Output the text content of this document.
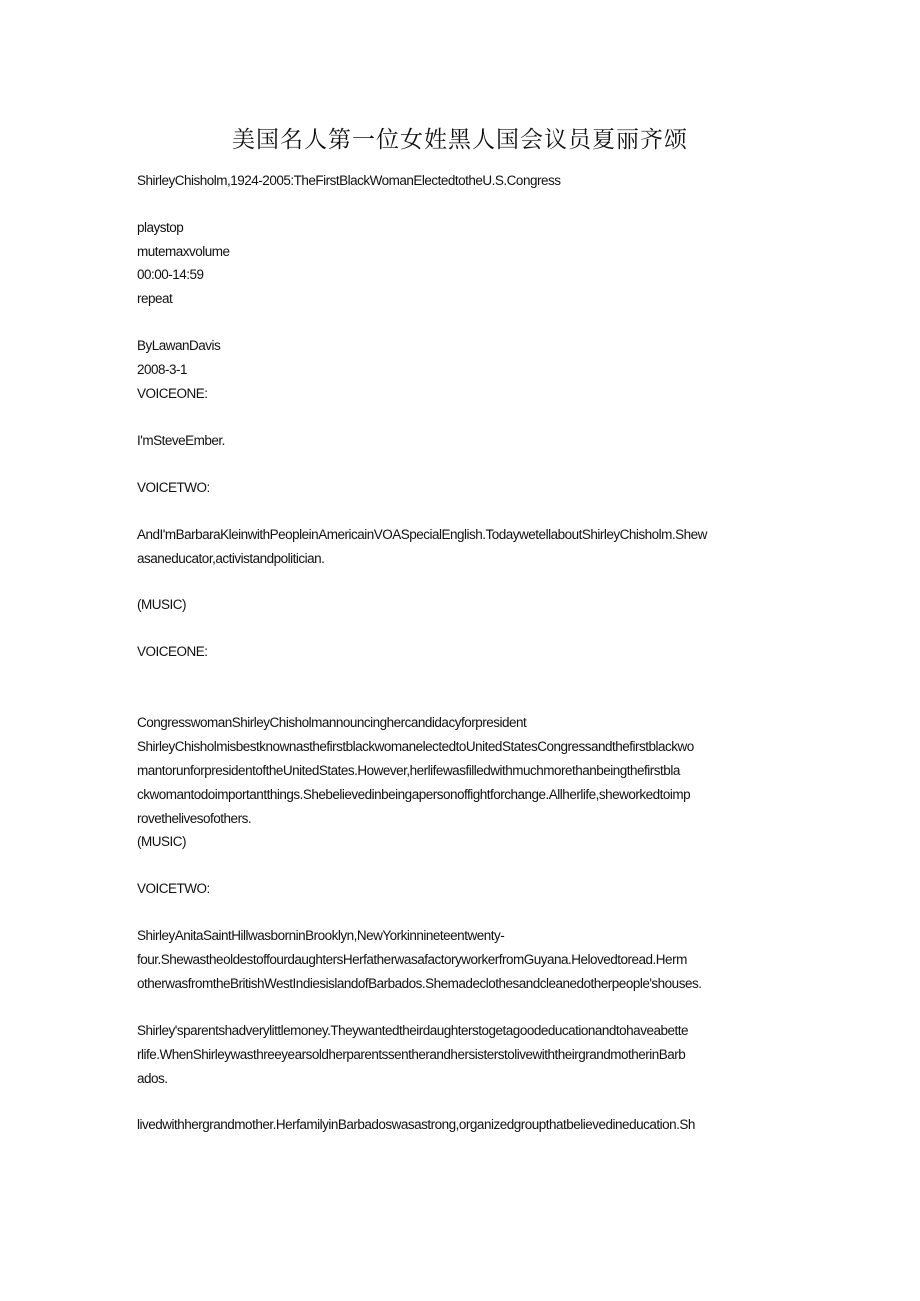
美国名人第一位女姓黑人国会议员夏丽齐颂

ShirleyChisholm,1924-2005:TheFirstBlackWomanElectedtotheU.S.Congress

playstop

mutemaxvolume

00:00-14:59

repeat

ByLawanDavis

2008-3-1

VOICEONE:

I'mSteveEmber.

VOICETWO:

AndI'mBarbaraKleinwithPeopleinAmericainVOASpecialEnglish.TodaywetellaboutShirleyChisholm.Shew

asaneducator,activistandpolitician.

(MUSIC)

VOICEONE:

CongresswomanShirleyChisholmannouncinghercandidacyforpresident

ShirleyChisholmisbestknownasthefirstblackwomanelectedtoUnitedStatesCongressandthefirstblackwo

mantorunforpresidentoftheUnitedStates.However,herlifewasfilledwithmuchmorethanbeingthefirstbla

ckwomantodoimportantthings.Shebelievedinbeingapersonoffightforchange.Allherlife,sheworkedtoimp

rovethelivesofothers.

(MUSIC)

VOICETWO:

ShirleyAnitaSaintHillwasborninBrooklyn,NewYorkinnineteentwenty-

four.ShewastheoldestoffourdaughtersHerfatherwasafactoryworkerfromGuyana.Helovedtoread.Herm

otherwasfromtheBritishWestIndiesislandofBarbados.Shemadeclothesandcleanedotherpeople'shouses.

Shirley'sparentshadverylittlemoney.Theywantedtheirdaughterstogetagoodeducationandtohaveabette

rlife.WhenShirleywasthreeyearsoldherparentssentherandhersisterstolivewiththeirgrandmotherinBarb

ados.

livedwithhergrandmother.HerfamilyinBarbadoswasastrong,organizedgroupthatbelievedineducation.Sh
